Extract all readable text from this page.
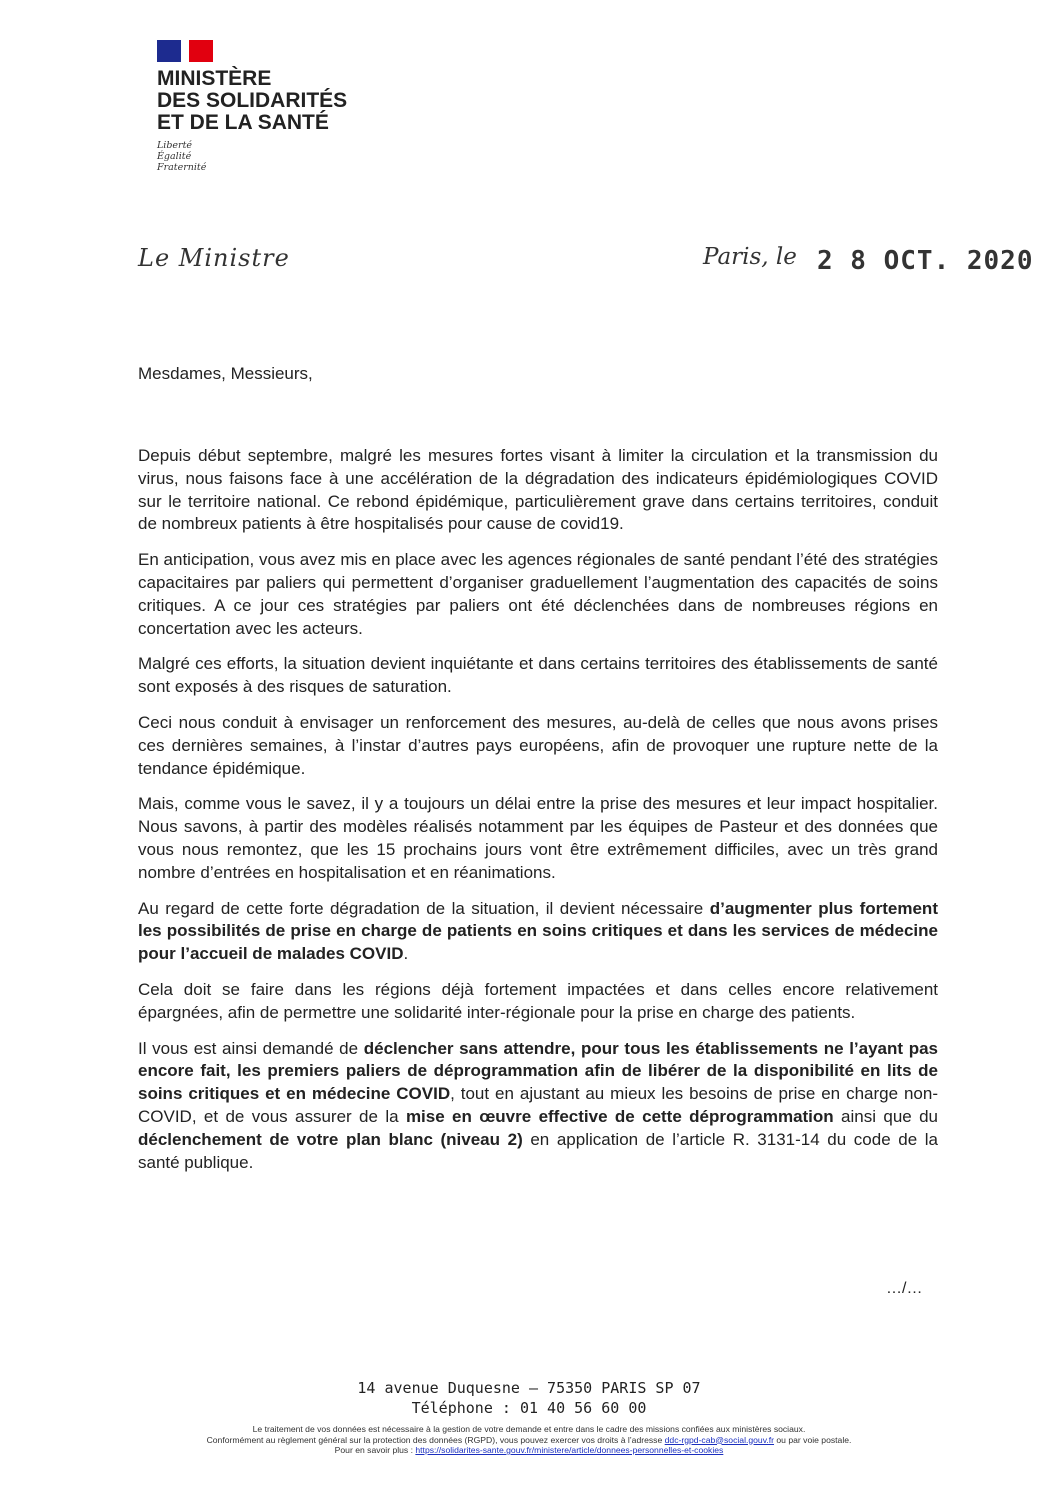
MINISTÈRE
DES SOLIDARITÉS
ET DE LA SANTÉ
Liberté
Égalité
Fraternité
Le Ministre	Paris, le 2 8 OCT. 2020
Mesdames, Messieurs,

Depuis début septembre, malgré les mesures fortes visant à limiter la circulation et la transmission du virus, nous faisons face à une accélération de la dégradation des indicateurs épidémiologiques COVID sur le territoire national. Ce rebond épidémique, particulièrement grave dans certains territoires, conduit de nombreux patients à être hospitalisés pour cause de covid19.

En anticipation, vous avez mis en place avec les agences régionales de santé pendant l’été des stratégies capacitaires par paliers qui permettent d’organiser graduellement l’augmentation des capacités de soins critiques. A ce jour ces stratégies par paliers ont été déclenchées dans de nombreuses régions en concertation avec les acteurs.

Malgré ces efforts, la situation devient inquiétante et dans certains territoires des établissements de santé sont exposés à des risques de saturation.

Ceci nous conduit à envisager un renforcement des mesures, au-delà de celles que nous avons prises ces dernières semaines, à l’instar d’autres pays européens, afin de provoquer une rupture nette de la tendance épidémique.

Mais, comme vous le savez, il y a toujours un délai entre la prise des mesures et leur impact hospitalier. Nous savons, à partir des modèles réalisés notamment par les équipes de Pasteur et des données que vous nous remontez, que les 15 prochains jours vont être extrêmement difficiles, avec un très grand nombre d’entrées en hospitalisation et en réanimations.

Au regard de cette forte dégradation de la situation, il devient nécessaire d’augmenter plus fortement les possibilités de prise en charge de patients en soins critiques et dans les services de médecine pour l’accueil de malades COVID.

Cela doit se faire dans les régions déjà fortement impactées et dans celles encore relativement épargnées, afin de permettre une solidarité inter-régionale pour la prise en charge des patients.

Il vous est ainsi demandé de déclencher sans attendre, pour tous les établissements ne l’ayant pas encore fait, les premiers paliers de déprogrammation afin de libérer de la disponibilité en lits de soins critiques et en médecine COVID, tout en ajustant au mieux les besoins de prise en charge non-COVID, et de vous assurer de la mise en œuvre effective de cette déprogrammation ainsi que du déclenchement de votre plan blanc (niveau 2) en application de l’article R. 3131-14 du code de la santé publique.

…/…
14 avenue Duquesne – 75350 PARIS SP 07
Téléphone : 01 40 56 60 00
Le traitement de vos données est nécessaire à la gestion de votre demande et entre dans le cadre des missions confiées aux ministères sociaux.
Conformément au règlement général sur la protection des données (RGPD), vous pouvez exercer vos droits à l’adresse ddc-rgpd-cab@social.gouv.fr ou par voie postale.
Pour en savoir plus : https://solidarites-sante.gouv.fr/ministere/article/donnees-personnelles-et-cookies
